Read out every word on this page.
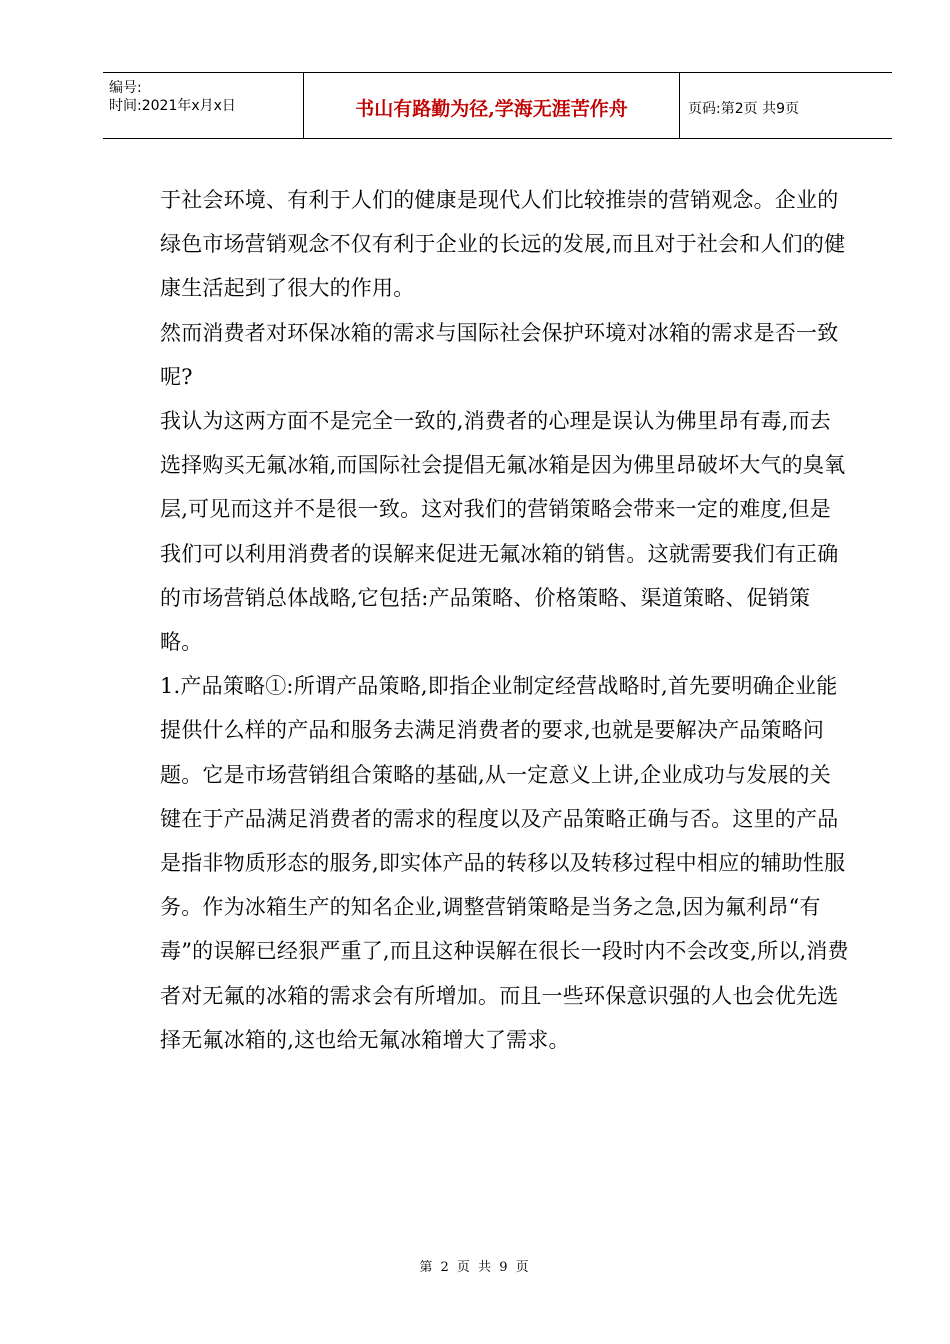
编号:
时间:2021年x月x日	书山有路勤为径,学海无涯苦作舟	页码:第2页 共9页

于社会环境、有利于人们的健康是现代人们比较推崇的营销观念。企业的绿色市场营销观念不仅有利于企业的长远的发展,而且对于社会和人们的健康生活起到了很大的作用。

然而消费者对环保冰箱的需求与国际社会保护环境对冰箱的需求是否一致呢?

我认为这两方面不是完全一致的,消费者的心理是误认为佛里昂有毒,而去选择购买无氟冰箱,而国际社会提倡无氟冰箱是因为佛里昂破坏大气的臭氧层,可见而这并不是很一致。这对我们的营销策略会带来一定的难度,但是我们可以利用消费者的误解来促进无氟冰箱的销售。这就需要我们有正确的市场营销总体战略,它包括:产品策略、价格策略、渠道策略、促销策略。

1.产品策略①:所谓产品策略,即指企业制定经营战略时,首先要明确企业能提供什么样的产品和服务去满足消费者的要求,也就是要解决产品策略问题。它是市场营销组合策略的基础,从一定意义上讲,企业成功与发展的关键在于产品满足消费者的需求的程度以及产品策略正确与否。这里的产品是指非物质形态的服务,即实体产品的转移以及转移过程中相应的辅助性服务。作为冰箱生产的知名企业,调整营销策略是当务之急,因为氟利昂“有毒”的误解已经狠严重了,而且这种误解在很长一段时内不会改变,所以,消费者对无氟的冰箱的需求会有所增加。而且一些环保意识强的人也会优先选择无氟冰箱的,这也给无氟冰箱增大了需求。

第 2 页 共 9 页
